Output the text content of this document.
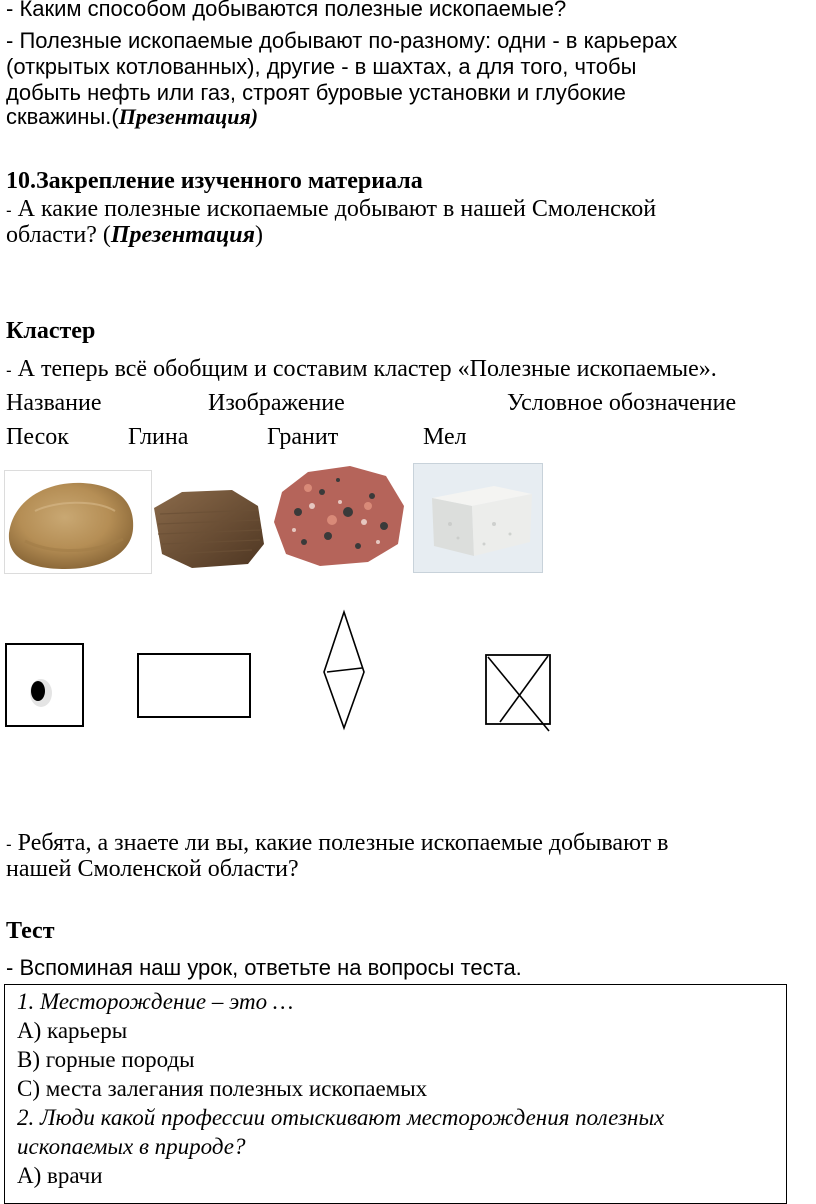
- Каким способом добываются полезные ископаемые?
- Полезные ископаемые добывают по-разному: одни - в карьерах
(открытых котлованных), другие - в шахтах, а для того, чтобы
добыть нефть или газ, строят буровые установки и глубокие
скважины.(Презентация)
10.Закрепление изученного материала
- А какие полезные ископаемые добывают в нашей Смоленской
области? (Презентация)
Кластер
- А теперь всё обобщим и составим кластер «Полезные ископаемые».
Название	Изображение	Условное обозначение
Песок Глина	Гранит	Мел
- Ребята, а знаете ли вы, какие полезные ископаемые добывают в
нашей Смоленской области?
Тест
- Вспоминая наш урок, ответьте на вопросы теста.
1. Месторождение – это …
А) карьеры
В) горные породы
С) места залегания полезных ископаемых
2. Люди какой профессии отыскивают месторождения полезных
ископаемых в природе?
А) врачи
